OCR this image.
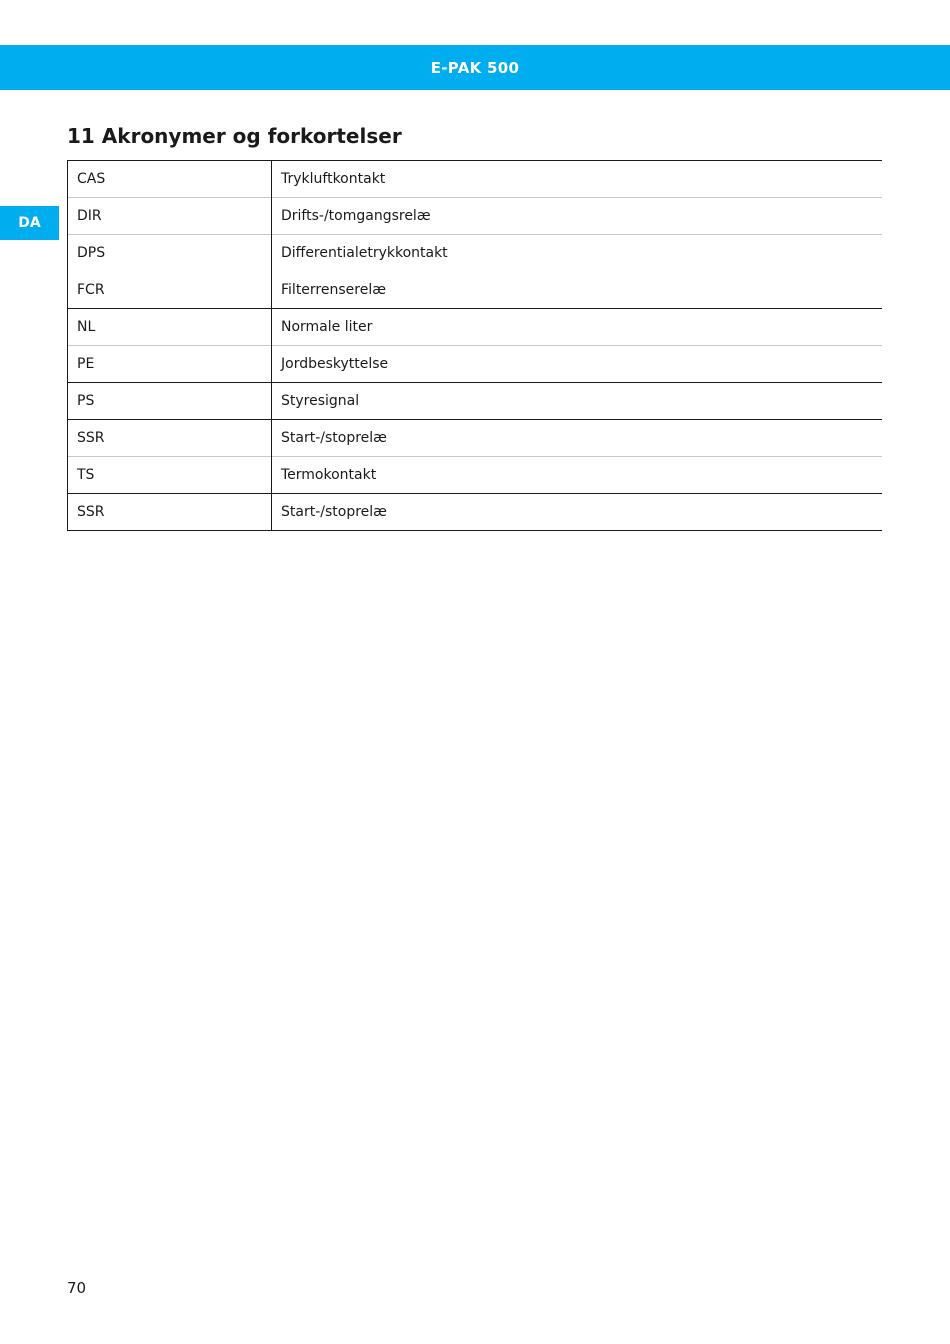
E-PAK 500
DA
11 Akronymer og forkortelser
CAS	Trykluftkontakt
DIR	Drifts-/tomgangsrelæ
DPS	Differentialetrykkontakt
FCR	Filterrenserelæ
NL	Normale liter
PE	Jordbeskyttelse
PS	Styresignal
SSR	Start-/stoprelæ
TS	Termokontakt
SSR	Start-/stoprelæ
70
